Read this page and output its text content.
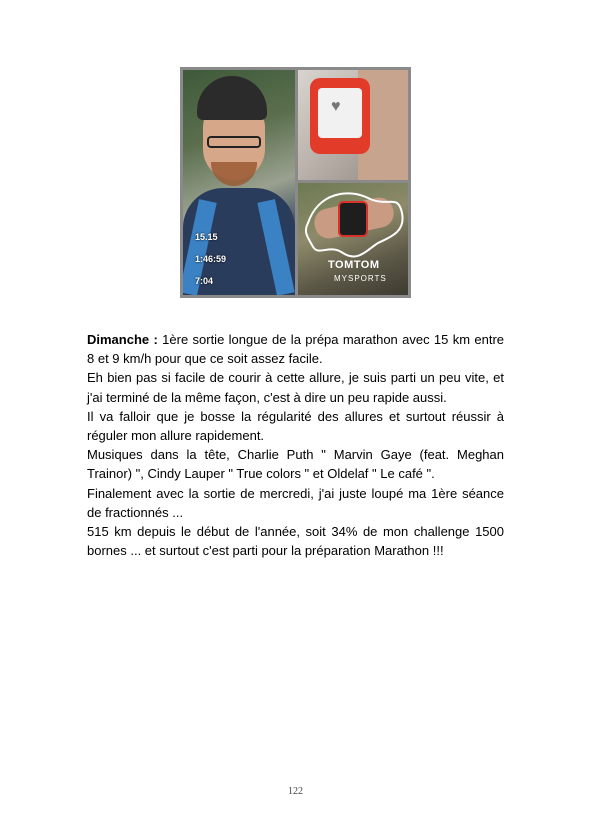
15.15
1:46:59
7:04
♥
TOMTOM
MYSPORTS

Dimanche : 1ère sortie longue de la prépa marathon avec 15 km entre 8 et 9 km/h pour que ce soit assez facile.

Eh bien pas si facile de courir à cette allure, je suis parti un peu vite, et j'ai terminé de la même façon, c'est à dire un peu rapide aussi.

Il va falloir que je bosse la régularité des allures et surtout réussir à réguler mon allure rapidement.

Musiques dans la tête, Charlie Puth " Marvin Gaye (feat. Meghan Trainor) ", Cindy Lauper " True colors " et Oldelaf " Le café ".

Finalement avec la sortie de mercredi, j'ai juste loupé ma 1ère séance de fractionnés ...

515 km depuis le début de l'année, soit 34% de mon challenge 1500 bornes ... et surtout c'est parti pour la préparation Marathon !!!

122
